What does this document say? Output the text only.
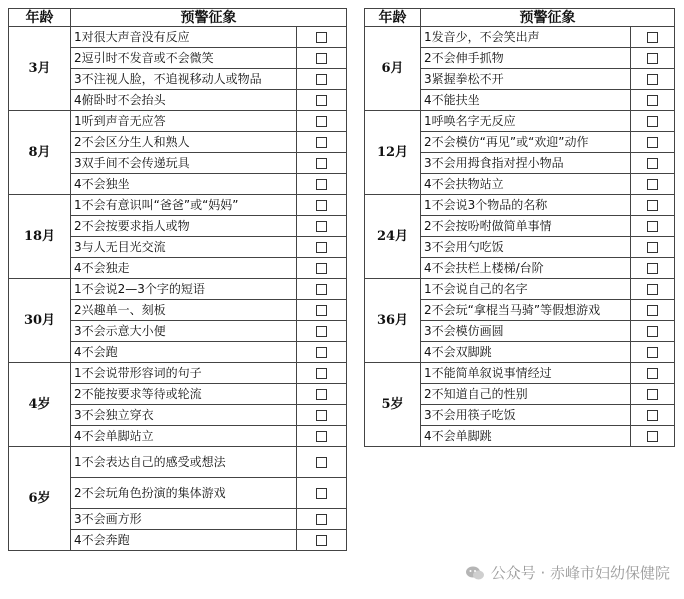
年龄	预警征象	
3月	1对很大声音没有反应	
	2逗引时不发音或不会微笑	
	3不注视人脸，不追视移动人或物品	
	4俯卧时不会抬头	
8月	1听到声音无应答	
	2不会区分生人和熟人	
	3双手间不会传递玩具	
	4不会独坐	
18月	1不会有意识叫“爸爸”或“妈妈”	
	2不会按要求指人或物	
	3与人无目光交流	
	4不会独走	
30月	1不会说2—3个字的短语	
	2兴趣单一、刻板	
	3不会示意大小便	
	4不会跑	
4岁	1不会说带形容词的句子	
	2不能按要求等待或轮流	
	3不会独立穿衣	
	4不会单脚站立	
6岁	1不会表达自己的感受或想法	
	2不会玩角色扮演的集体游戏	
	3不会画方形	
	4不会奔跑	
年龄	预警征象	
6月	1发音少，不会笑出声	
	2不会伸手抓物	
	3紧握拳松不开	
	4不能扶坐	
12月	1呼唤名字无反应	
	2不会模仿“再见”或“欢迎”动作	
	3不会用拇食指对捏小物品	
	4不会扶物站立	
24月	1不会说3个物品的名称	
	2不会按吩咐做简单事情	
	3不会用勺吃饭	
	4不会扶栏上楼梯/台阶	
36月	1不会说自己的名字	
	2不会玩“拿棍当马骑”等假想游戏	
	3不会模仿画圆	
	4不会双脚跳	
5岁	1不能简单叙说事情经过	
	2不知道自己的性别	
	3不会用筷子吃饭	
	4不会单脚跳	
公众号 · 赤峰市妇幼保健院
